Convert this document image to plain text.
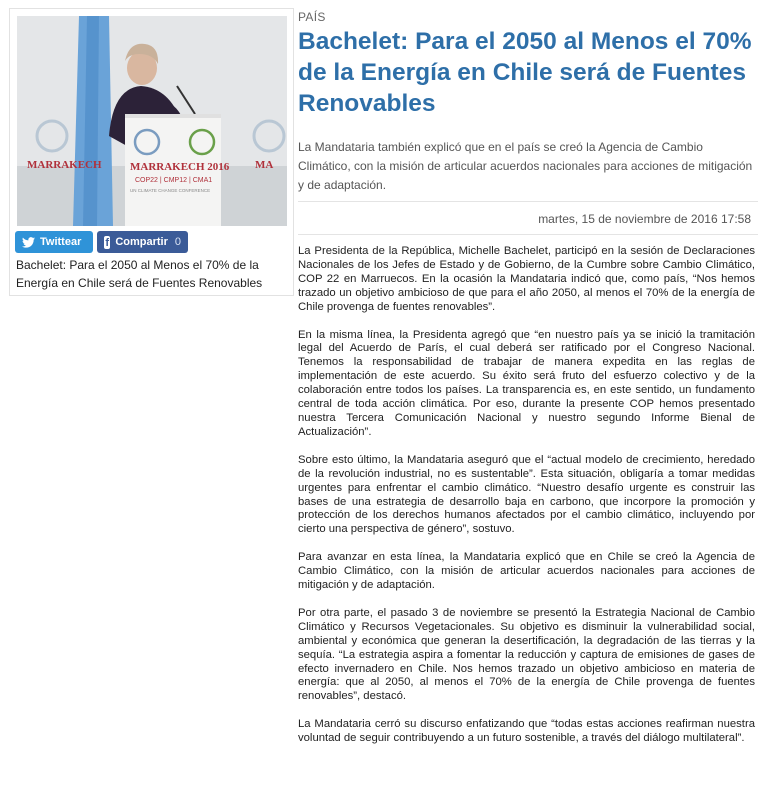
MARRAKECH	MA
MARRAKECH 2016
COP22 | CMP12 | CMA1
UN CLIMATE CHANGE CONFERENCE
Twittear f Compartir 0
Bachelet: Para el 2050 al Menos el 70% de la Energía en Chile será de Fuentes Renovables
PAÍS
Bachelet: Para el 2050 al Menos el 70% de la Energía en Chile será de Fuentes Renovables
La Mandataria también explicó que en el país se creó la Agencia de Cambio Climático, con la misión de articular acuerdos nacionales para acciones de mitigación y de adaptación.
martes, 15 de noviembre de 2016 17:58

La Presidenta de la República, Michelle Bachelet, participó en la sesión de Declaraciones Nacionales de los Jefes de Estado y de Gobierno, de la Cumbre sobre Cambio Climático, COP 22 en Marruecos. En la ocasión la Mandataria indicó que, como país, “Nos hemos trazado un objetivo ambicioso de que para el año 2050, al menos el 70% de la energía de Chile provenga de fuentes renovables”.

En la misma línea, la Presidenta agregó que “en nuestro país ya se inició la tramitación legal del Acuerdo de París, el cual deberá ser ratificado por el Congreso Nacional. Tenemos la responsabilidad de trabajar de manera expedita en las reglas de implementación de este acuerdo. Su éxito será fruto del esfuerzo colectivo y de la colaboración entre todos los países. La transparencia es, en este sentido, un fundamento central de toda acción climática. Por eso, durante la presente COP hemos presentado nuestra Tercera Comunicación Nacional y nuestro segundo Informe Bienal de Actualización”.

Sobre esto último, la Mandataria aseguró que el “actual modelo de crecimiento, heredado de la revolución industrial, no es sustentable”. Esta situación, obligaría a tomar medidas urgentes para enfrentar el cambio climático. “Nuestro desafío urgente es construir las bases de una estrategia de desarrollo baja en carbono, que incorpore la promoción y protección de los derechos humanos afectados por el cambio climático, incluyendo por cierto una perspectiva de género”, sostuvo.

Para avanzar en esta línea, la Mandataria explicó que en Chile se creó la Agencia de Cambio Climático, con la misión de articular acuerdos nacionales para acciones de mitigación y de adaptación.

Por otra parte, el pasado 3 de noviembre se presentó la Estrategia Nacional de Cambio Climático y Recursos Vegetacionales. Su objetivo es disminuir la vulnerabilidad social, ambiental y económica que generan la desertificación, la degradación de las tierras y la sequía. “La estrategia aspira a fomentar la reducción y captura de emisiones de gases de efecto invernadero en Chile. Nos hemos trazado un objetivo ambicioso en materia de energía: que al 2050, al menos el 70% de la energía de Chile provenga de fuentes renovables”, destacó.

La Mandataria cerró su discurso enfatizando que “todas estas acciones reafirman nuestra voluntad de seguir contribuyendo a un futuro sostenible, a través del diálogo multilateral”.
